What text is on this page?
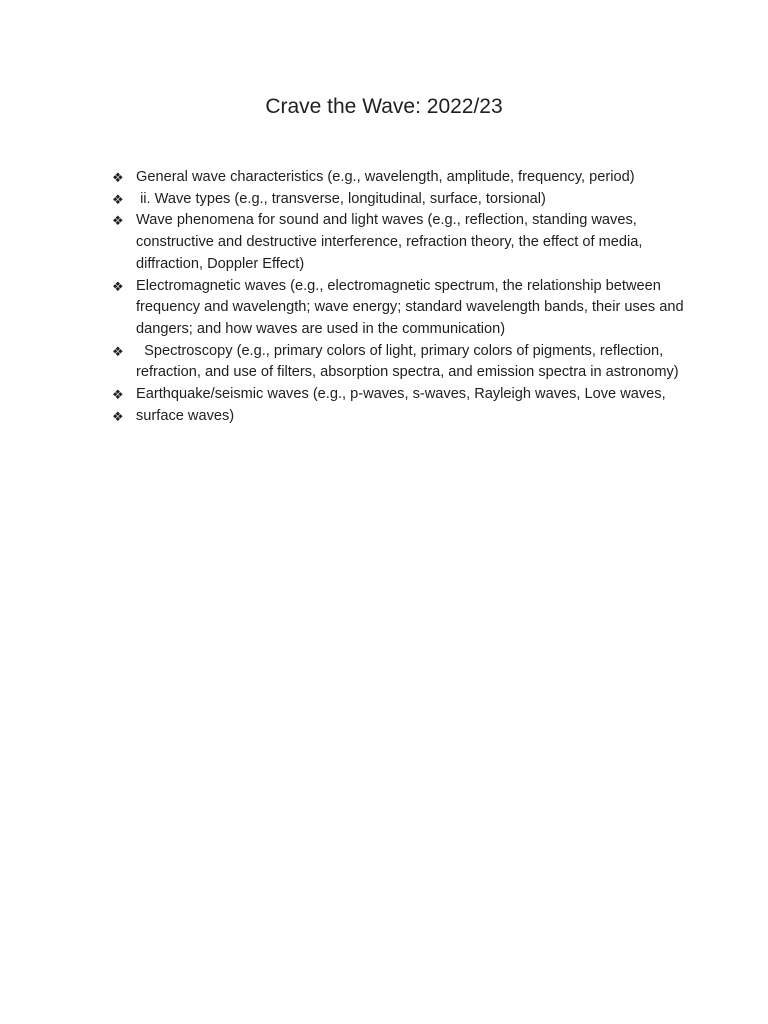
Crave the Wave: 2022/23
❖ General wave characteristics (e.g., wavelength, amplitude, frequency, period)
❖ ii. Wave types (e.g., transverse, longitudinal, surface, torsional)
❖ Wave phenomena for sound and light waves (e.g., reflection, standing waves, constructive and destructive interference, refraction theory, the effect of media, diffraction, Doppler Effect)
❖ Electromagnetic waves (e.g., electromagnetic spectrum, the relationship between frequency and wavelength; wave energy; standard wavelength bands, their uses and dangers; and how waves are used in the communication)
❖ Spectroscopy (e.g., primary colors of light, primary colors of pigments, reflection, refraction, and use of filters, absorption spectra, and emission spectra in astronomy)
❖ Earthquake/seismic waves (e.g., p-waves, s-waves, Rayleigh waves, Love waves,
❖ surface waves)
